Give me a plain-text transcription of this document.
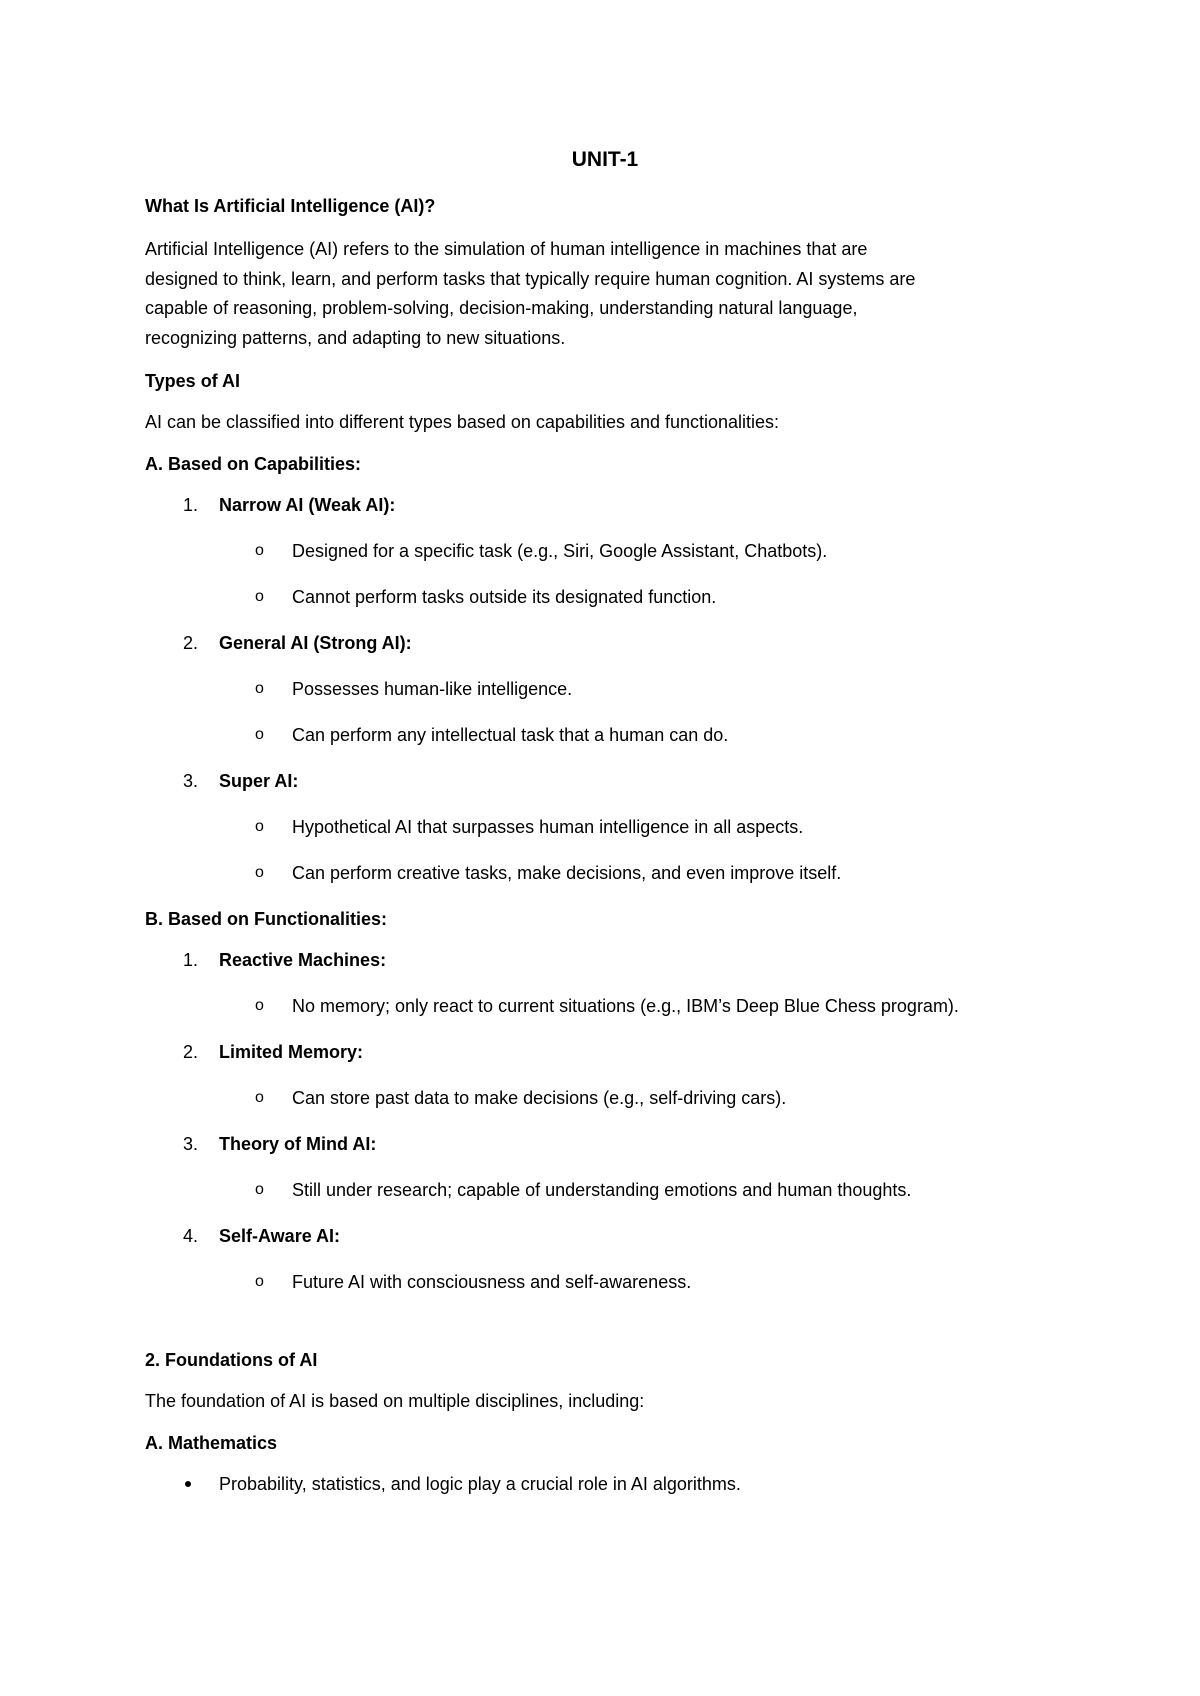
UNIT-1
What Is Artificial Intelligence (AI)?
Artificial Intelligence (AI) refers to the simulation of human intelligence in machines that are
designed to think, learn, and perform tasks that typically require human cognition. AI systems are
capable of reasoning, problem-solving, decision-making, understanding natural language,
recognizing patterns, and adapting to new situations.
Types of AI
AI can be classified into different types based on capabilities and functionalities:
A. Based on Capabilities:
1. Narrow AI (Weak AI):
o Designed for a specific task (e.g., Siri, Google Assistant, Chatbots).
o Cannot perform tasks outside its designated function.
2. General AI (Strong AI):
o Possesses human-like intelligence.
o Can perform any intellectual task that a human can do.
3. Super AI:
o Hypothetical AI that surpasses human intelligence in all aspects.
o Can perform creative tasks, make decisions, and even improve itself.
B. Based on Functionalities:
1. Reactive Machines:
o No memory; only react to current situations (e.g., IBM’s Deep Blue Chess program).
2. Limited Memory:
o Can store past data to make decisions (e.g., self-driving cars).
3. Theory of Mind AI:
o Still under research; capable of understanding emotions and human thoughts.
4. Self-Aware AI:
o Future AI with consciousness and self-awareness.
2. Foundations of AI
The foundation of AI is based on multiple disciplines, including:
A. Mathematics
Probability, statistics, and logic play a crucial role in AI algorithms.
